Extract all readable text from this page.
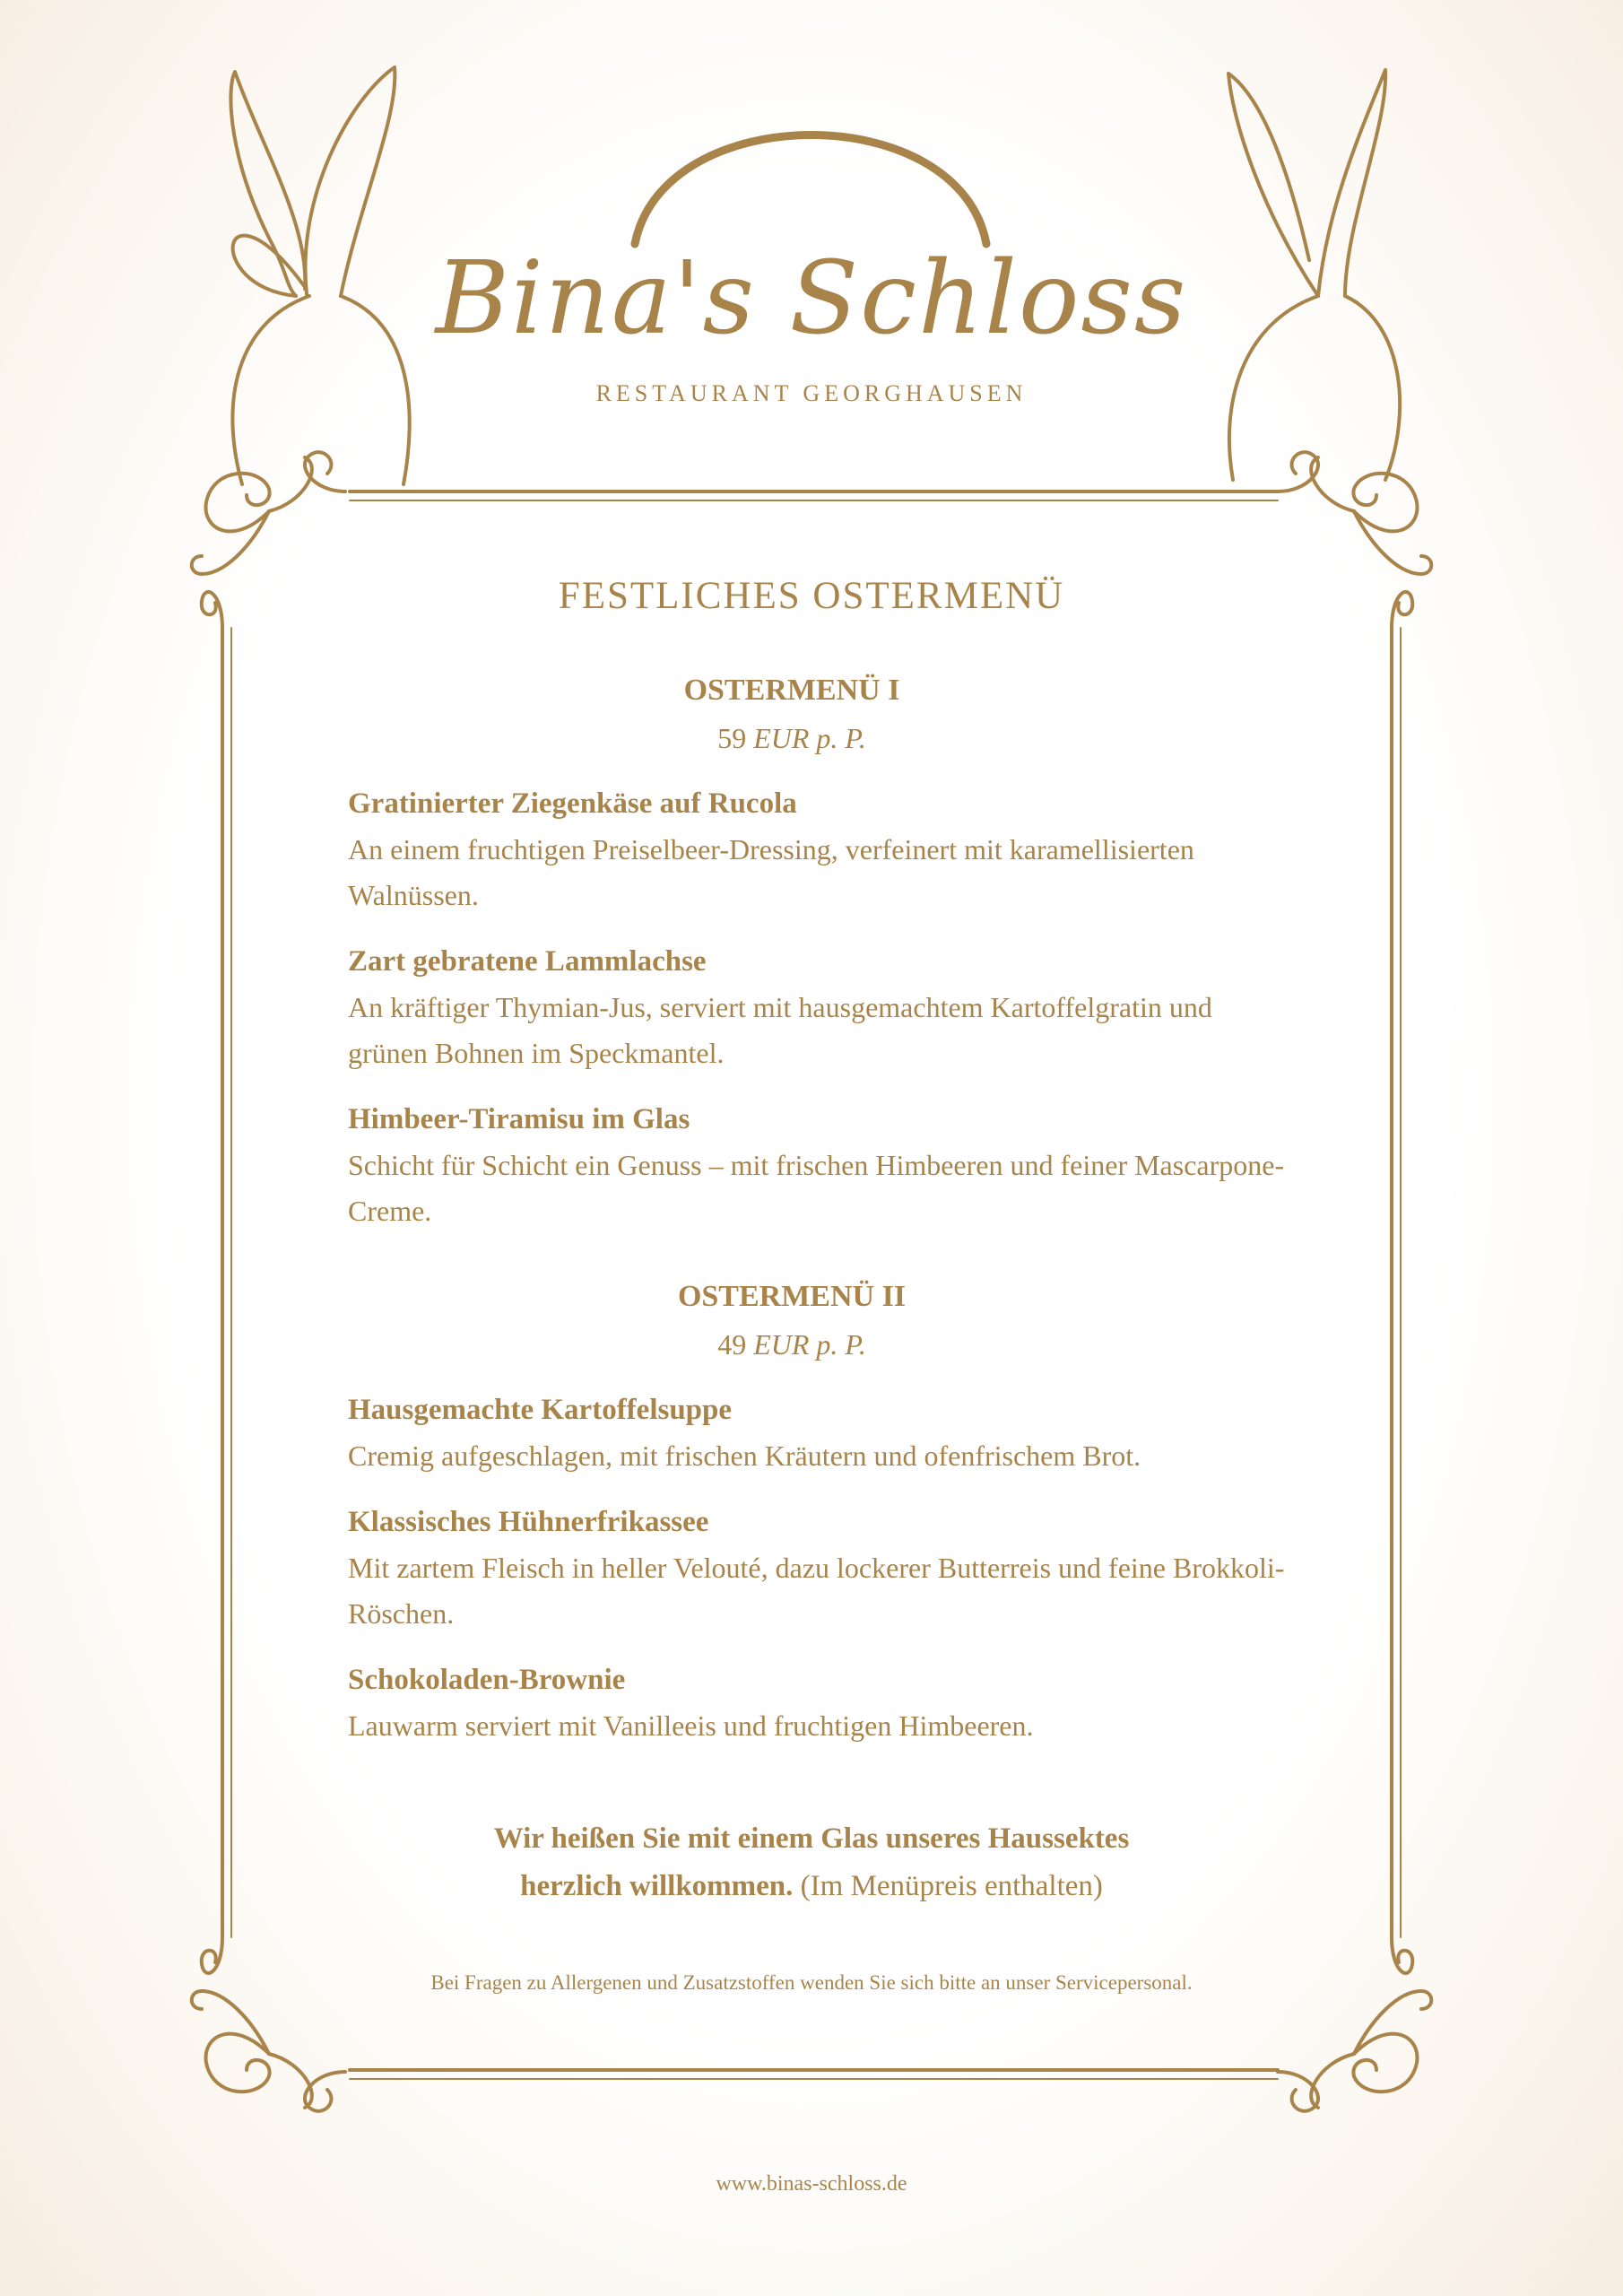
Bina's Schloss
RESTAURANT GEORGHAUSEN
FESTLICHES OSTERMENÜ
OSTERMENÜ I
59 EUR p. P.
Gratinierter Ziegenkäse auf Rucola
An einem fruchtigen Preiselbeer-Dressing, verfeinert mit karamellisierten Walnüssen.
Zart gebratene Lammlachse
An kräftiger Thymian-Jus, serviert mit hausgemachtem Kartoffelgratin und grünen Bohnen im Speckmantel.
Himbeer-Tiramisu im Glas
Schicht für Schicht ein Genuss – mit frischen Himbeeren und feiner Mascarpone-Creme.
OSTERMENÜ II
49 EUR p. P.
Hausgemachte Kartoffelsuppe
Cremig aufgeschlagen, mit frischen Kräutern und ofenfrischem Brot.
Klassisches Hühnerfrikassee
Mit zartem Fleisch in heller Velouté, dazu lockerer Butterreis und feine Brokkoli-Röschen.
Schokoladen-Brownie
Lauwarm serviert mit Vanilleeis und fruchtigen Himbeeren.
Wir heißen Sie mit einem Glas unseres Haussektes
herzlich willkommen. (Im Menüpreis enthalten)
Bei Fragen zu Allergenen und Zusatzstoffen wenden Sie sich bitte an unser Servicepersonal.
www.binas-schloss.de
